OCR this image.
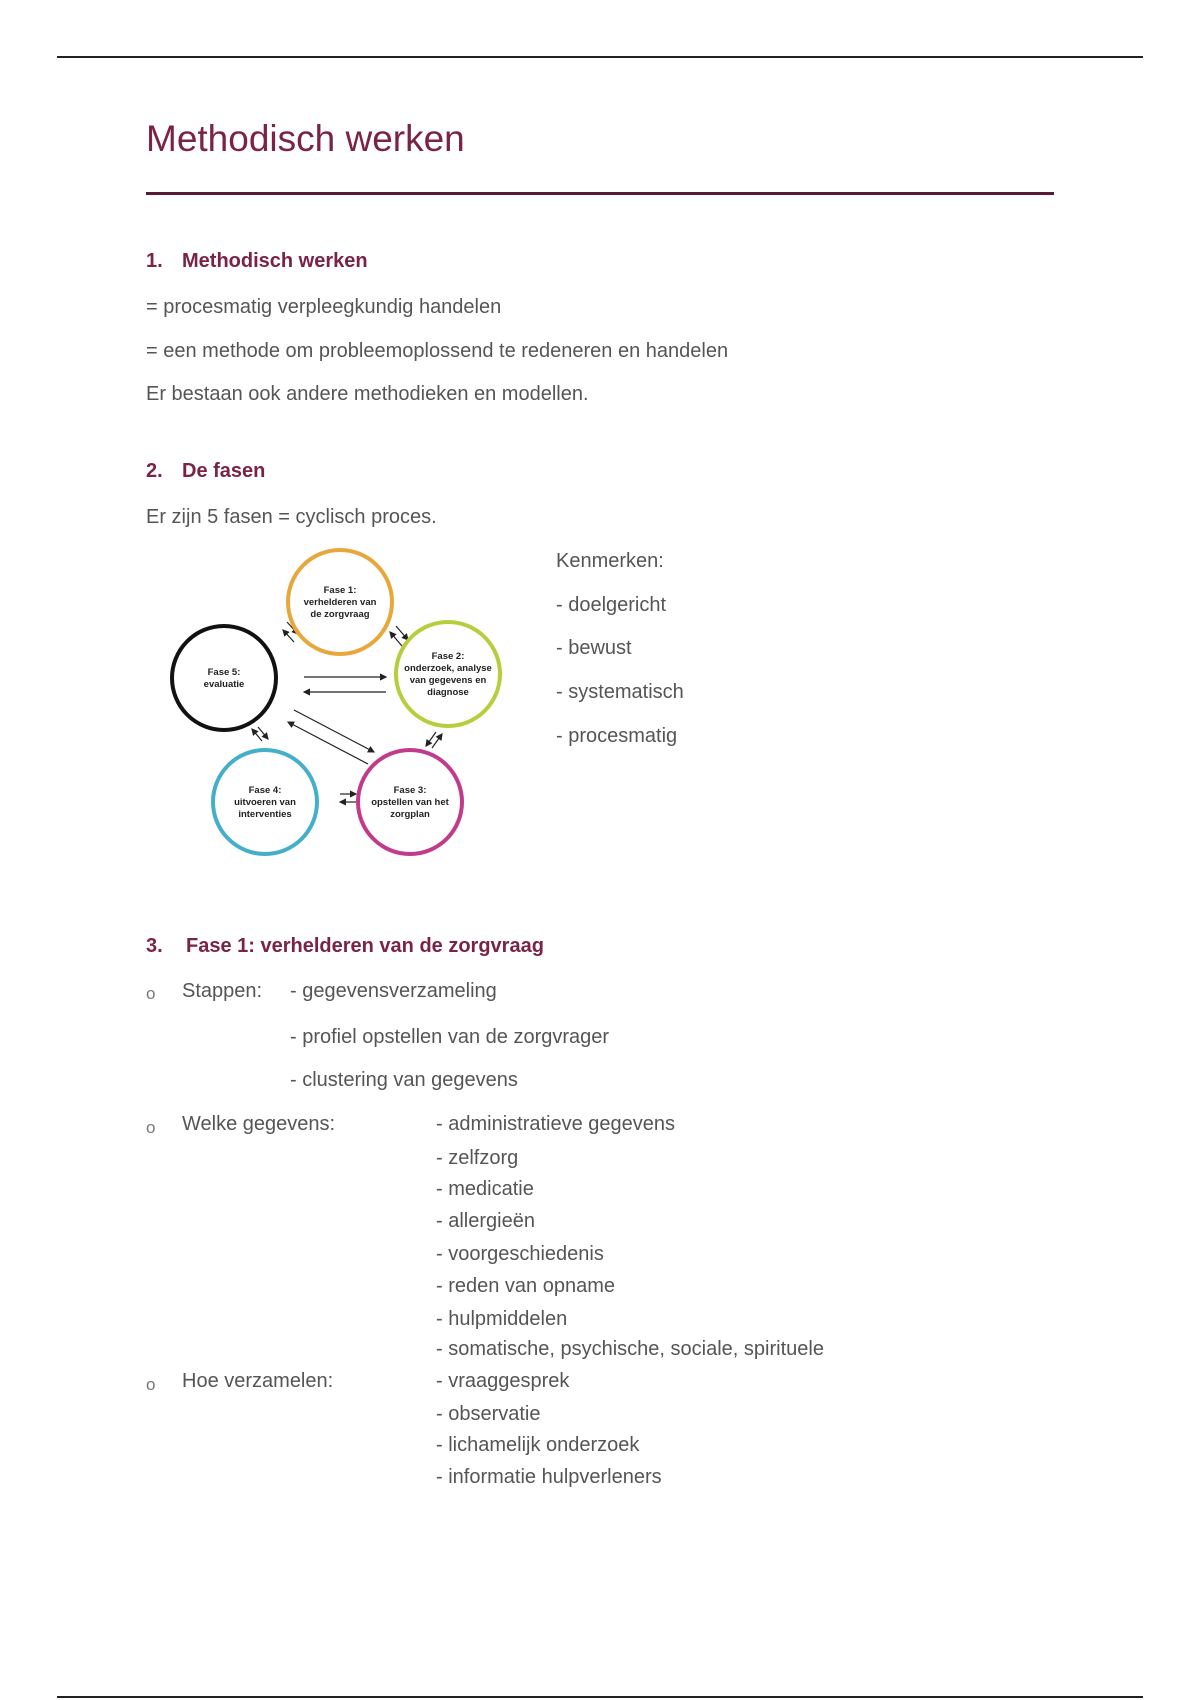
Methodisch werken
1. Methodisch werken

= procesmatig verpleegkundig handelen

= een methode om probleemoplossend te redeneren en handelen

Er bestaan ook andere methodieken en modellen.

2. De fasen

Er zijn 5 fasen = cyclisch proces.

Fase 1:
verhelderen van
de zorgvraag
Fase 2:
onderzoek, analyse
van gegevens en
diagnose
Fase 3:
opstellen van het
zorgplan
Fase 4:
uitvoeren van
interventies
Fase 5:
evaluatie
Kenmerken:
- doelgericht
- bewust
- systematisch
- procesmatig
3. Fase 1: verhelderen van de zorgvraag
o Stappen: - gegevensverzameling
- profiel opstellen van de zorgvrager
- clustering van gegevens
o Welke gegevens:	- administratieve gegevens
- zelfzorg
- medicatie
- allergieën
- voorgeschiedenis
- reden van opname
- hulpmiddelen
- somatische, psychische, sociale, spirituele
o Hoe verzamelen:	- vraaggesprek
- observatie
- lichamelijk onderzoek
- informatie hulpverleners
